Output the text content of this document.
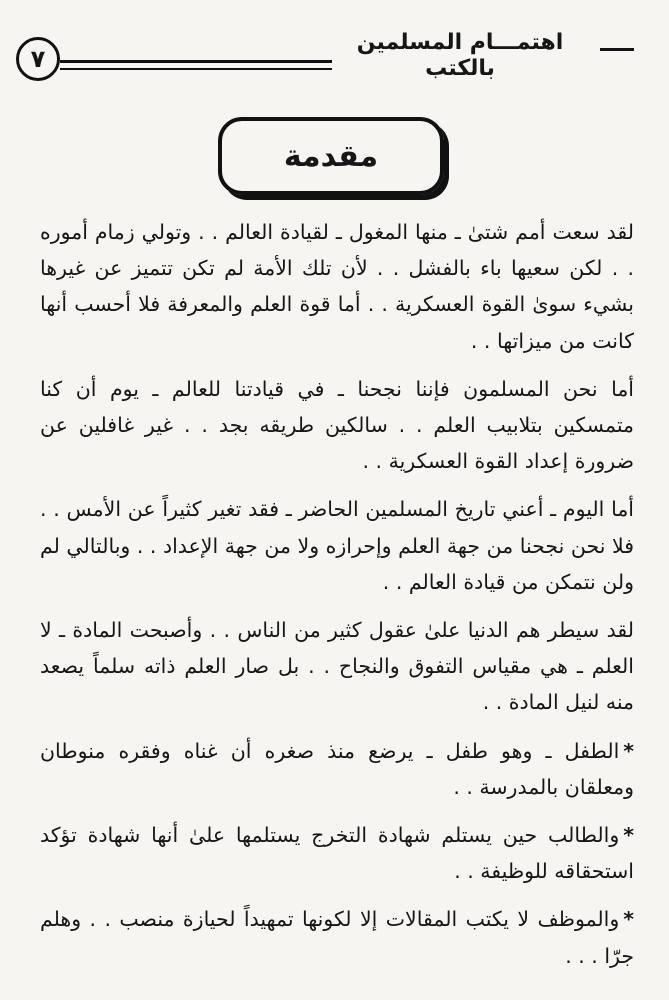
٧
اهتمـــام المسلمين بالكتب
مقدمة

لقد سعت أمم شتىٰ ـ منها المغول ـ لقيادة العالم . . وتولي زمام أموره . . لكن سعيها باء بالفشل . . لأن تلك الأمة لم تكن تتميز عن غيرها بشيء سوىٰ القوة العسكرية . . أما قوة العلم والمعرفة فلا أحسب أنها كانت من ميزاتها . .

أما نحن المسلمون فإننا نجحنا ـ في قيادتنا للعالم ـ يوم أن كنا متمسكين بتلابيب العلم . . سالكين طريقه بجد . . غير غافلين عن ضرورة إعداد القوة العسكرية . .

أما اليوم ـ أعني تاريخ المسلمين الحاضر ـ فقد تغير كثيراً عن الأمس . . فلا نحن نجحنا من جهة العلم وإحرازه ولا من جهة الإعداد . . وبالتالي لم ولن نتمكن من قيادة العالم . .

لقد سيطر هم الدنيا علىٰ عقول كثير من الناس . . وأصبحت المادة ـ لا العلم ـ هي مقياس التفوق والنجاح . . بل صار العلم ذاته سلماً يصعد منه لنيل المادة . .

*الطفل ـ وهو طفل ـ يرضع منذ صغره أن غناه وفقره منوطان ومعلقان بالمدرسة . .

*والطالب حين يستلم شهادة التخرج يستلمها علىٰ أنها شهادة تؤكد استحقاقه للوظيفة . .

*والموظف لا يكتب المقالات إلا لكونها تمهيداً لحيازة منصب . . وهلم جرّا . . .
